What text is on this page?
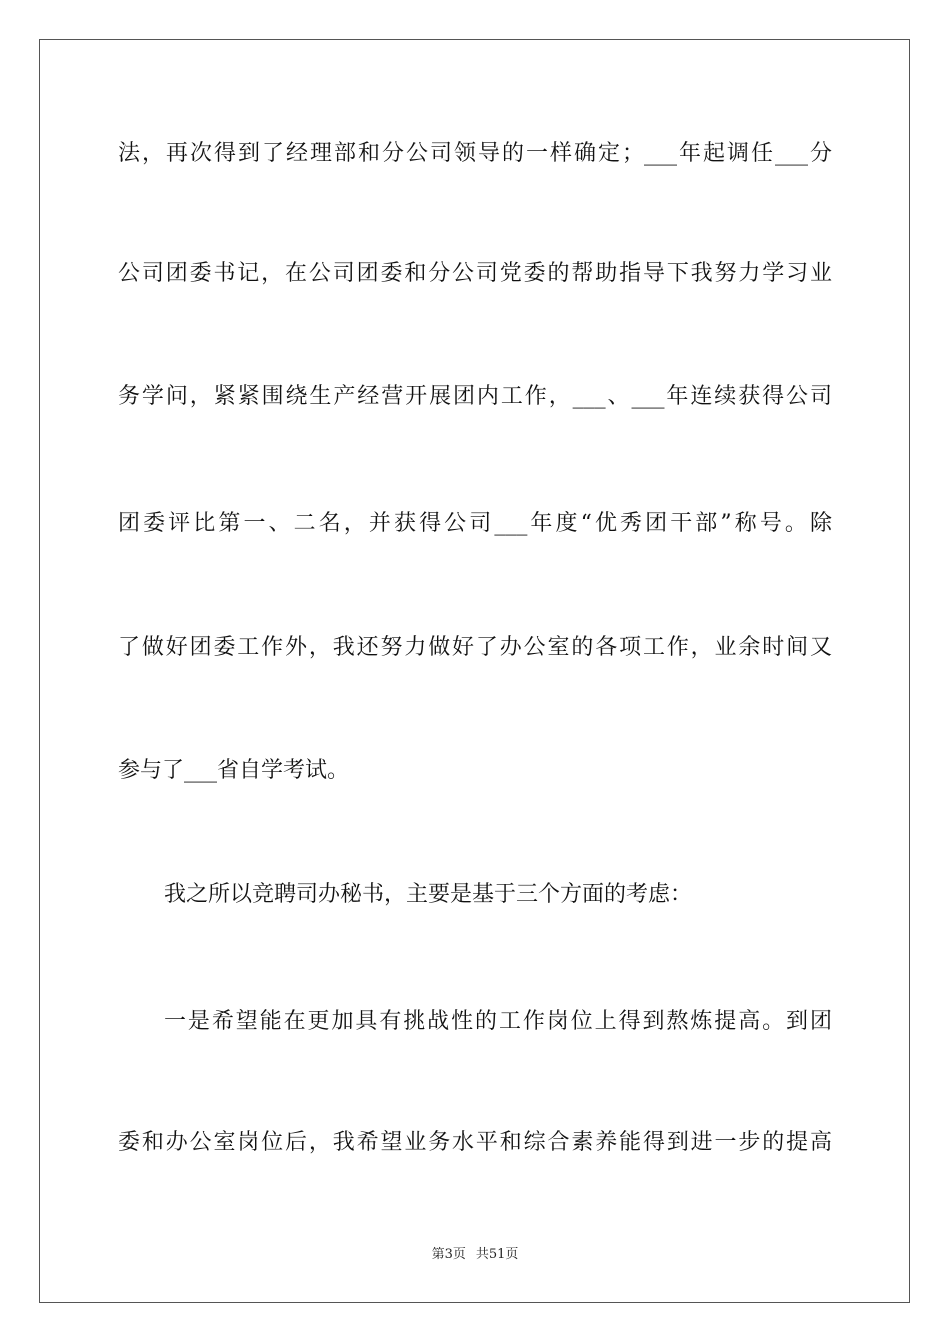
法，再次得到了经理部和分公司领导的一样确定；___年起调任___分
公司团委书记，在公司团委和分公司党委的帮助指导下我努力学习业
务学问，紧紧围绕生产经营开展团内工作，___、___年连续获得公司
团委评比第一、二名，并获得公司___年度“优秀团干部”称号。除
了做好团委工作外，我还努力做好了办公室的各项工作，业余时间又
参与了___省自学考试。
我之所以竞聘司办秘书，主要是基于三个方面的考虑：
一是希望能在更加具有挑战性的工作岗位上得到熬炼提高。到团
委和办公室岗位后，我希望业务水平和综合素养能得到进一步的提高
第3页 共51页
